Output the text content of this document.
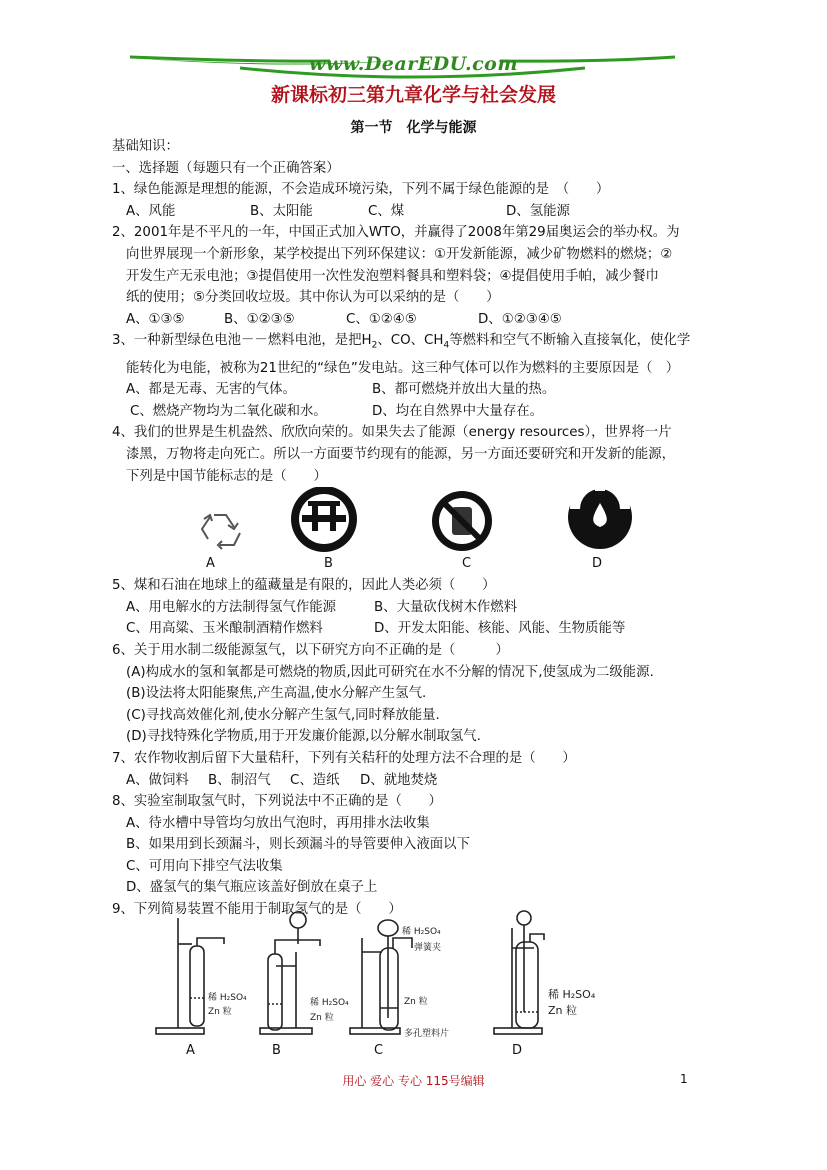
www.DearEDU.com
新课标初三第九章化学与社会发展
第一节　化学与能源
基础知识：
一、选择题（每题只有一个正确答案）
1、绿色能源是理想的能源，不会造成环境污染，下列不属于绿色能源的是　（　　）
A、风能	B、太阳能	C、煤	D、氢能源
2、2001年是不平凡的一年，中国正式加入WTO，并赢得了2008年第29届奥运会的举办权。为
向世界展现一个新形象，某学校提出下列环保建议：①开发新能源，减少矿物燃料的燃烧；②
开发生产无汞电池；③提倡使用一次性发泡塑料餐具和塑料袋；④提倡使用手帕，减少餐巾
纸的使用；⑤分类回收垃圾。其中你认为可以采纳的是（　　）
A、①③⑤	B、①②③⑤	C、①②④⑤	D、①②③④⑤
3、一种新型绿色电池－－燃料电池，是把$H_2$、CO、$CH_4$等燃料和空气不断输入直接氧化，使化学
能转化为电能，被称为21世纪的“绿色”发电站。这三种气体可以作为燃料的主要原因是（　）
A、都是无毒、无害的气体。	B、都可燃烧并放出大量的热。
C、燃烧产物均为二氧化碳和水。	D、均在自然界中大量存在。
4、我们的世界是生机盎然、欣欣向荣的。如果失去了能源（energy resources），世界将一片
漆黑，万物将走向死亡。所以一方面要节约现有的能源，另一方面还要研究和开发新的能源，
下列是中国节能标志的是（　　）
A	B	C	D
5、煤和石油在地球上的蕴藏量是有限的，因此人类必须（　　）
A、用电解水的方法制得氢气作能源	B、大量砍伐树木作燃料
C、用高粱、玉米酿制酒精作燃料	D、开发太阳能、核能、风能、生物质能等
6、关于用水制二级能源氢气，以下研究方向不正确的是（　　　）
(A)构成水的氢和氧都是可燃烧的物质,因此可研究在水不分解的情况下,使氢成为二级能源.
(B)设法将太阳能聚焦,产生高温,使水分解产生氢气.
(C)寻找高效催化剂,使水分解产生氢气,同时释放能量.
(D)寻找特殊化学物质,用于开发廉价能源,以分解水制取氢气.
7、农作物收割后留下大量秸秆，下列有关秸秆的处理方法不合理的是（　　）
A、做饲料	B、制沼气	C、造纸	D、就地焚烧
8、实验室制取氢气时，下列说法中不正确的是（　　）
A、待水槽中导管均匀放出气泡时，再用排水法收集
B、如果用到长颈漏斗，则长颈漏斗的导管要伸入液面以下
C、可用向下排空气法收集
D、盛氢气的集气瓶应该盖好倒放在桌子上
9、下列简易装置不能用于制取氢气的是（　　）
稀 H₂SO₄
Zn 粒
稀 H₂SO₄
Zn 粒
稀 H₂SO₄
弹簧夹
Zn 粒
多孔塑料片
稀 H₂SO₄
Zn 粒
A	B	C	D
用心 爱心 专心 115号编辑	1
